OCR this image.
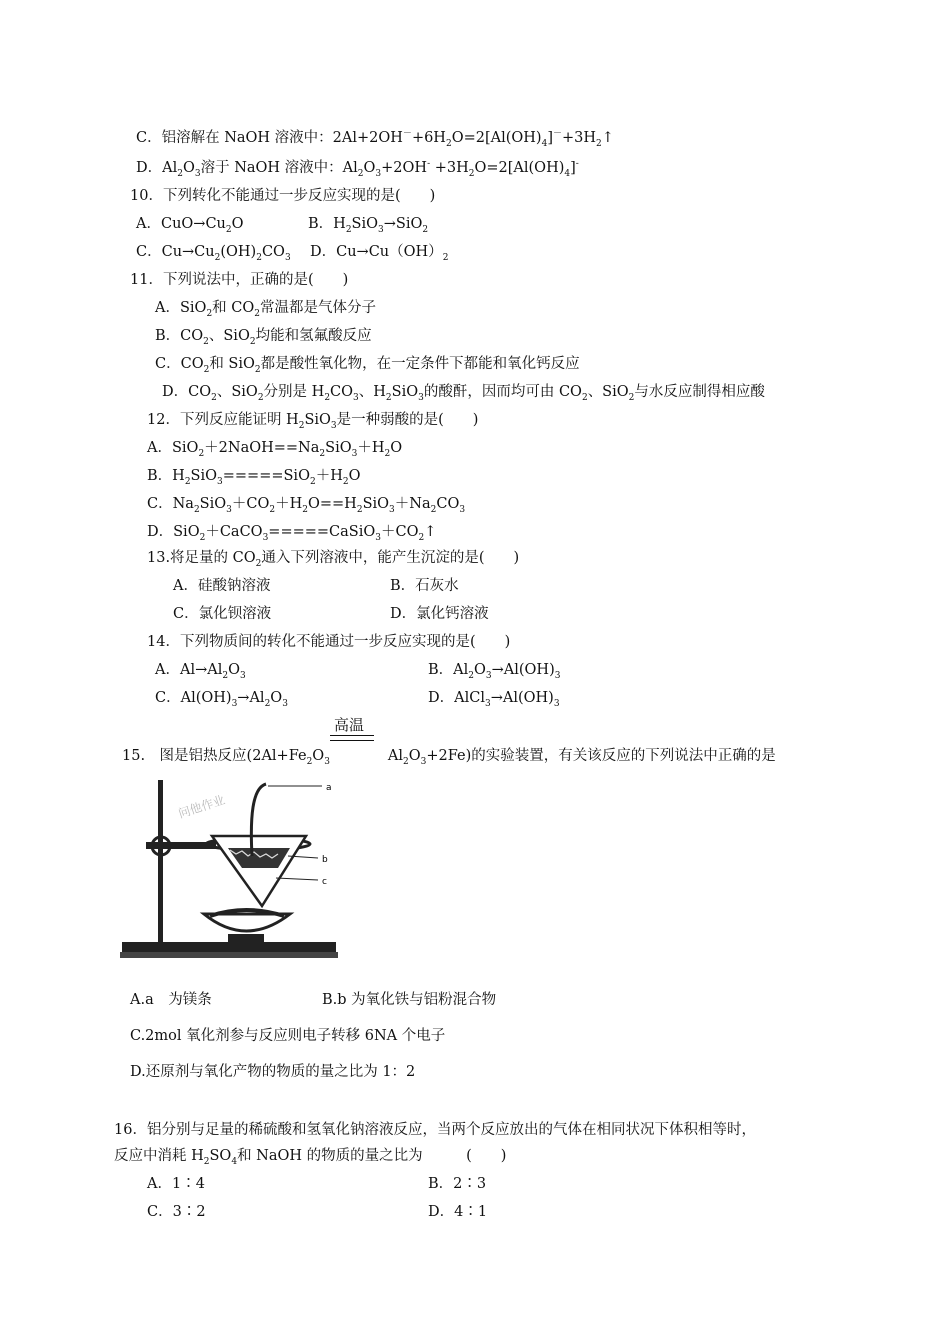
C．铝溶解在 NaOH 溶液中：$2Al+2OH^-+6H_2O=2[Al(OH)_4]^-+3H_2↑$
D．$Al_2O_3$溶于 NaOH 溶液中：$Al_2O_3+2OH^- +3H_2O=2[Al(OH)_4]^-$
10．下列转化不能通过一步反应实现的是(　　)
A．$CuO\to Cu_2O$	B．$H_2SiO_3\to SiO_2$
C．$Cu\to Cu_2(OH)_2CO_3$ D．$Cu\to Cu(OH)_2$
11．下列说法中，正确的是(　　)
A．SiO$_2$和 $CO_2$常温都是气体分子
B．$CO_2$、SiO$_2$均能和氢氟酸反应
C．$CO_2$和 SiO$_2$都是酸性氧化物，在一定条件下都能和氧化钙反应
D．$CO_2$、SiO$_2$分别是 $H_2CO_3$、$H_2SiO_3$的酸酐，因而均可由 $CO_2$、SiO$_2$与水反应制得相应酸
12．下列反应能证明 $H_2SiO_3$是一种弱酸的是(　　)
A．$SiO_2+2NaOH==Na_2SiO_3+H_2O$
B．$H_2SiO_3=====SiO_2+H_2O$
C．$Na_2SiO_3+CO_2+H_2O==H_2SiO_3+Na_2CO_3$
D．$SiO_2+CaCO_3=====CaSiO_3+CO_2↑$
13.将足量的 $CO_2$通入下列溶液中，能产生沉淀的是(　　)
A．硅酸钠溶液	B．石灰水
C．氯化钡溶液	D．氯化钙溶液
14．下列物质间的转化不能通过一步反应实现的是(　　)
A．$Al\to Al_2O_3$	B．$Al_2O_3\to Al(OH)_3$
C．$Al(OH)_3\to Al_2O_3$	D．$AlCl_3\to Al(OH)_3$
15.　图是铝热反应($2Al+Fe_2O_3$　　　　$Al_2O_3+2Fe$)的实验装置，有关该反应的下列说法中正确的是
A.a　为镁条	B.b 为氧化铁与铝粉混合物
C.2mol 氧化剂参与反应则电子转移 6NA 个电子
D.还原剂与氧化产物的物质的量之比为 1：2
16．铝分别与足量的稀硫酸和氢氧化钠溶液反应，当两个反应放出的气体在相同状况下体积相等时，
反应中消耗 $H_2SO_4$和 NaOH 的物质的量之比为　　　(　　)
A．1∶4	B．2∶3
C．3∶2	D．4∶1
高温
a
b
c
问他作业
